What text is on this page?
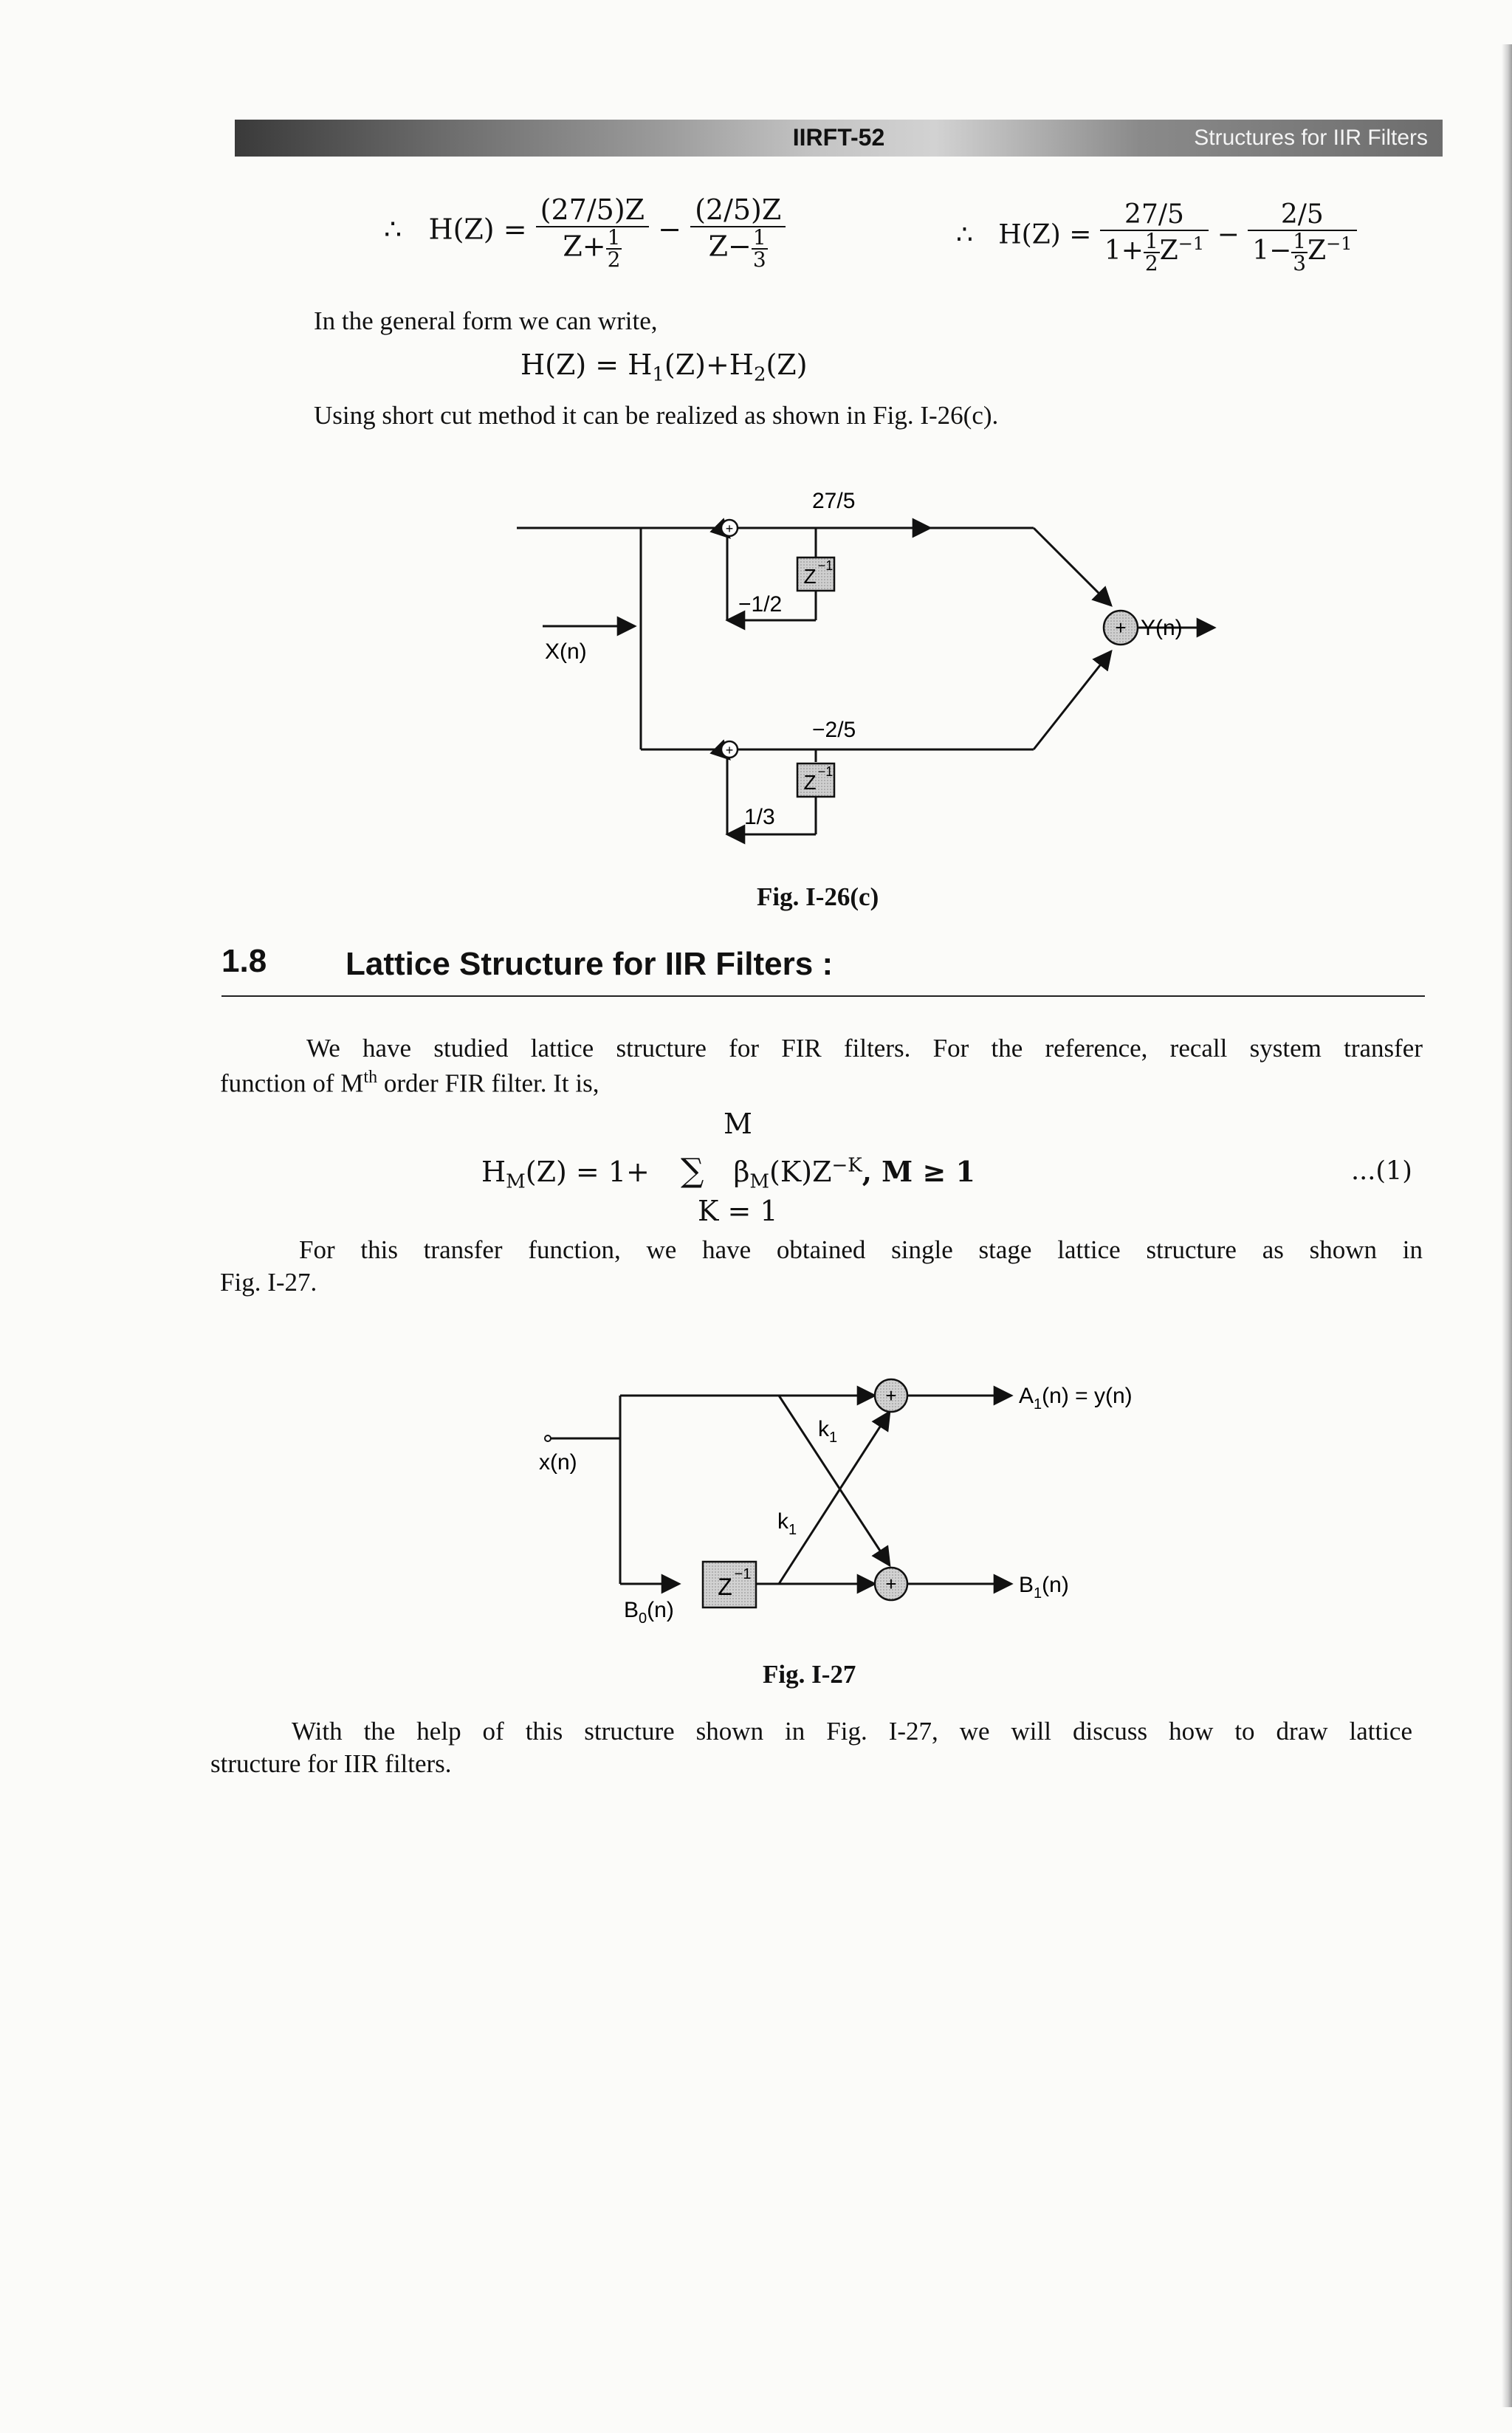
IIRFT-52	Structures for IIR Filters
∴ $H(Z) = \frac{(27/5)Z}{Z+ \frac{1}{2}} - \frac{(2/5)Z}{Z- \frac{1}{3}}$	∴ $H(Z) = \frac{27/5}{1+ \frac{1}{2} Z^{-1}} - \frac{2/5}{1- \frac{1}{3} Z^{-1}}$
In the general form we can write,
$H(Z) = H_1(Z)+H_2(Z)$
Using short cut method it can be realized as shown in Fig. I-26(c).
+
+
+
Z −1
Z −1
27/5
−1/2
−2/5
1/3
X(n)
Y(n)
Fig. I-26(c)
1.8 Lattice Structure for IIR Filters :
We have studied lattice structure for FIR filters. For the reference, recall system transfer
function of Mth order FIR filter. It is,
M
$H_M(Z) = 1+$ ∑ $\beta_M(K)Z^{-K}$, M ≥ 1	...(1)
K = 1
For this transfer function, we have obtained single stage lattice structure as shown in
Fig. I-27.
+
+
Z −1
x(n)
$k_1$
$k_1$
$A_1(n) = y(n)$
$B_1(n)$
$B_0(n)$
Fig. I-27
With the help of this structure shown in Fig. I-27, we will discuss how to draw lattice
structure for IIR filters.
